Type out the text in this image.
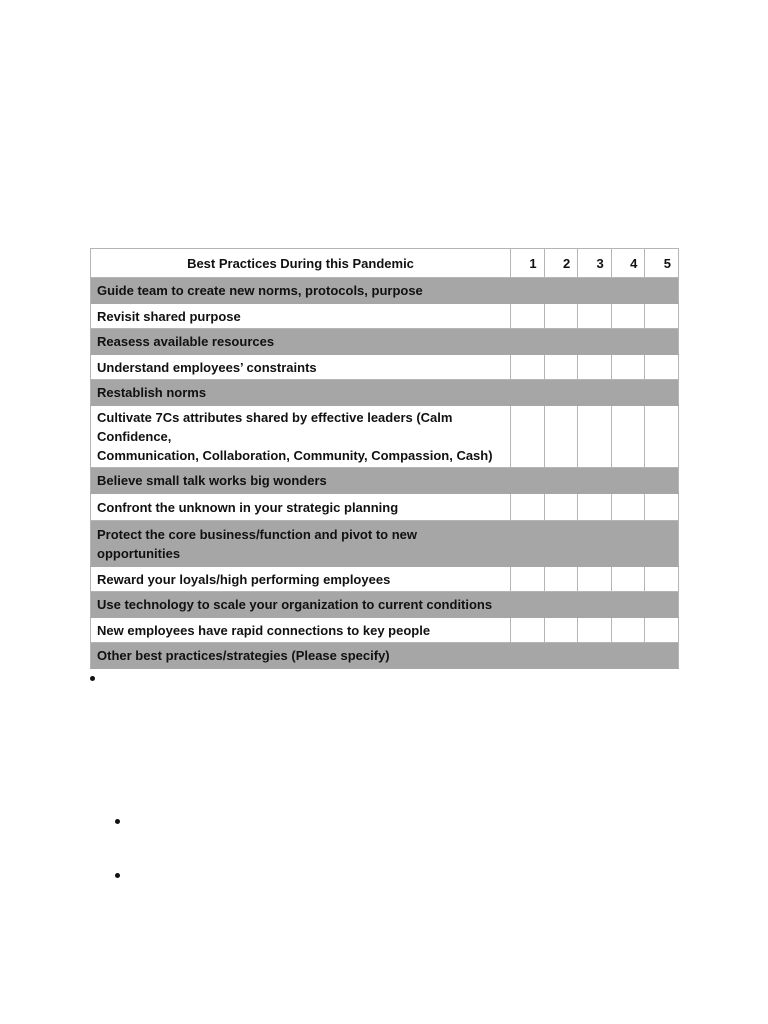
Best Practices During this Pandemic	1	2	3	4	5
Guide team to create new norms, protocols, purpose					
Revisit shared purpose					
Reasess available resources					
Understand employees’ constraints					
Restablish norms					
Cultivate 7Cs attributes shared by effective leaders (Calm Confidence,
Communication, Collaboration, Community, Compassion, Cash)					
Believe small talk works big wonders					
Confront the unknown in your strategic planning					

Protect the core business/function and pivot to new opportunities					

Reward your loyals/high performing employees					
Use technology to scale your organization to current conditions					
New employees have rapid connections to key people					
Other best practices/strategies (Please specify)					
